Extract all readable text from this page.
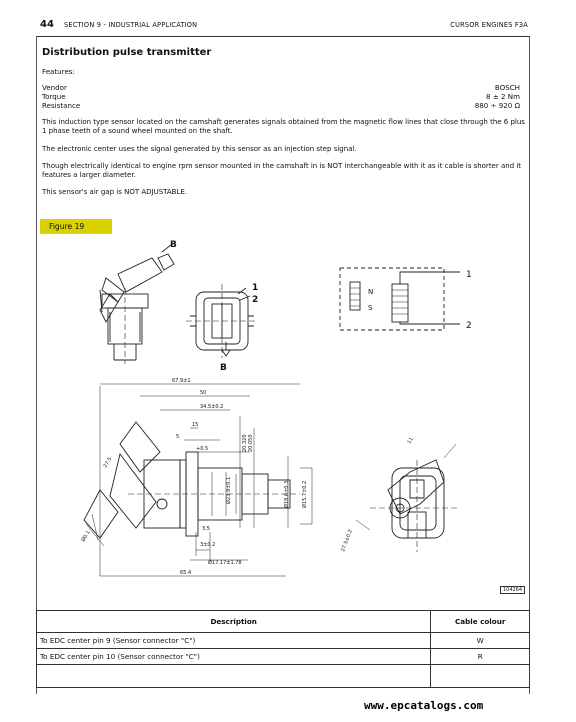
44 SECTION 9 - INDUSTRIAL APPLICATION	CURSOR ENGINES F3A
Distribution pulse transmitter
Features:
Vendor	BOSCH
Torque	8 ± 2 Nm
Resistance	880 ÷ 920 Ω
This induction type sensor located on the camshaft generates signals obtained from the magnetic flow lines that close through the 6 plus 1 phase teeth of a sound wheel mounted on the shaft.
The electronic center uses the signal generated by this sensor as an injection step signal.
Though electrically identical to engine rpm sensor mounted in the camshaft in is NOT interchangeable with it as it cable is shorter and it features a larger diameter.
This sensor's air gap is NOT ADJUSTABLE.
Figure 19
B
B
1
2
1
2
N
S
67.9±1
50
34.5±0.2
15
5
+0.5	20.320 20.050
Ø23.9±0.1	Ø18.6±0.3 Ø15.7±0.2
3.5
3±0.2
Ø17.17±1.78
65.4
27.5
11
27.5±0.2
Ø0.1
104264
Description	Cable colour
To EDC center pin 9 (Sensor connector "C")	W
To EDC center pin 10 (Sensor connector "C")	R

www.epcatalogs.com
